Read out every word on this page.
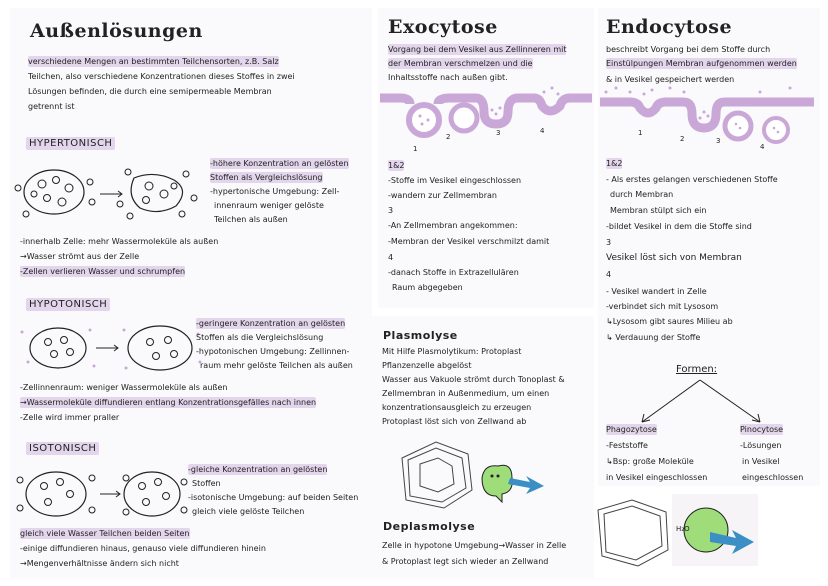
Außenlösungen
verschiedene Mengen an bestimmten Teilchensorten, z.B. Salz
Teilchen, also verschiedene Konzentrationen dieses Stoffes in zwei
Lösungen befinden, die durch eine semipermeable Membran
getrennt ist
HYPERTONISCH
-höhere Konzentration an gelösten
Stoffen als Vergleichslösung
-hypertonische Umgebung: Zell-
innenraum weniger gelöste
Teilchen als außen
-innerhalb Zelle: mehr Wassermoleküle als außen
→Wasser strömt aus der Zelle
-Zellen verlieren Wasser und schrumpfen
HYPOTONISCH
-geringere Konzentration an gelösten
Stoffen als die Vergleichslösung
-hypotonischen Umgebung: Zellinnen-
raum mehr gelöste Teilchen als außen
-Zellinnenraum: weniger Wassermoleküle als außen
→Wassermoleküle diffundieren entlang Konzentrationsgefälles nach innen
-Zelle wird immer praller
ISOTONISCH
-gleiche Konzentration an gelösten
Stoffen
-isotonische Umgebung: auf beiden Seiten
gleich viele gelöste Teilchen
gleich viele Wasser Teilchen beiden Seiten
-einige diffundieren hinaus, genauso viele diffundieren hinein
→Mengenverhältnisse ändern sich nicht
Exocytose
Vorgang bei dem Vesikel aus Zellinneren mit
der Membran verschmelzen und die
Inhaltsstoffe nach außen gibt.
1
2	3	4
1&2
-Stoffe im Vesikel eingeschlossen
-wandern zur Zellmembran
3
-An Zellmembran angekommen:
-Membran der Vesikel verschmilzt damit
4
-danach Stoffe in Extrazellulären
Raum abgegeben
Plasmolyse
Mit Hilfe Plasmolytikum: Protoplast
Pflanzenzelle abgelöst
Wasser aus Vakuole strömt durch Tonoplast &
Zellmembran in Außenmedium, um einen
konzentrationsausgleich zu erzeugen
Protoplast löst sich von Zellwand ab
Deplasmolyse
Zelle in hypotone Umgebung→Wasser in Zelle
& Protoplast legt sich wieder an Zellwand
H₂O
Endocytose
beschreibt Vorgang bei dem Stoffe durch
Einstülpungen Membran aufgenommen werden
& in Vesikel gespeichert werden
1
2	3
4
1&2
- Als erstes gelangen verschiedenen Stoffe
durch Membran
Membran stülpt sich ein
-bildet Vesikel in dem die Stoffe sind
3
Vesikel löst sich von Membran
4
- Vesikel wandert in Zelle
-verbindet sich mit Lysosom
↳Lysosom gibt saures Milieu ab
↳ Verdauung der Stoffe
Formen:
Phagozytose
-Feststoffe
↳Bsp: große Moleküle
in Vesikel eingeschlossen
Pinocytose
-Lösungen
in Vesikel
eingeschlossen
